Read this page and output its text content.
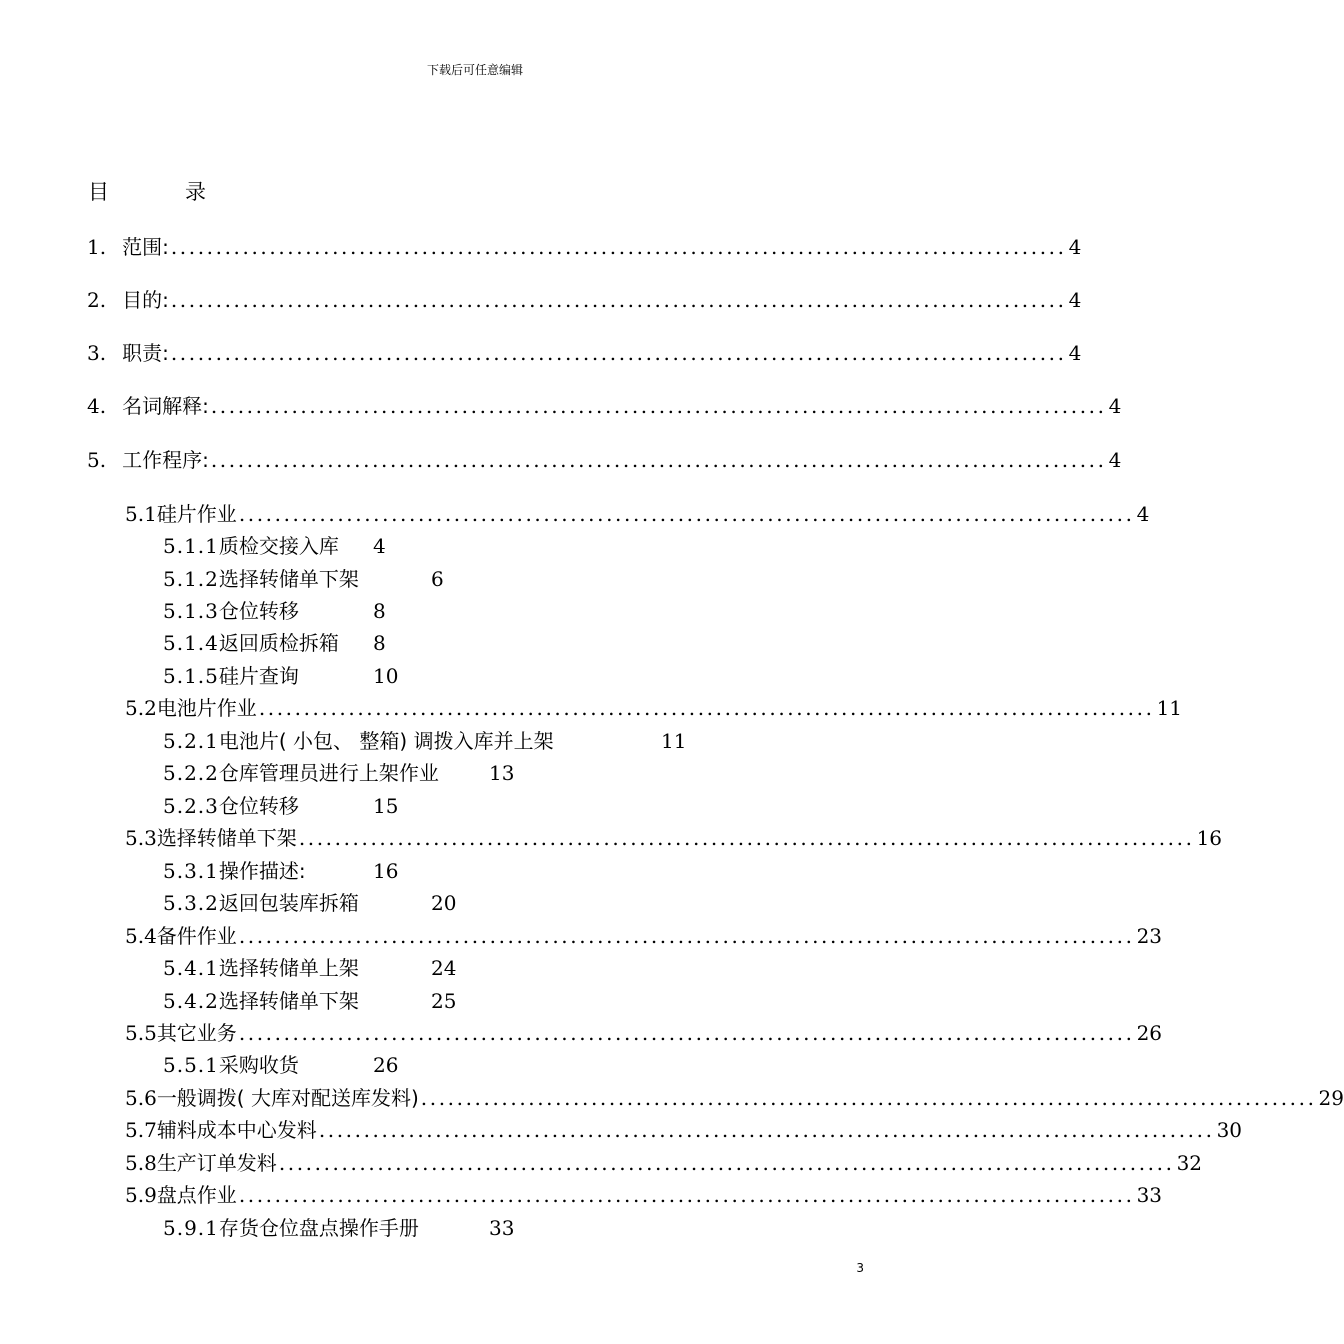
下载后可任意编辑
目	录
1. 范围: .................................................................................................... 4
2. 目的: .................................................................................................... 4
3. 职责: .................................................................................................... 4
4. 名词解释: .................................................................................................... 4
5. 工作程序: .................................................................................................... 4
5.1 硅片作业 .................................................................................................... 4
5.1.1质检交接入库 4
5.1.2选择转储单下架	6
5.1.3仓位转移	8
5.1.4返回质检拆箱 8
5.1.5硅片查询	10
5.2 电池片作业 .................................................................................................... 11
5.2.1电池片( 小包、 整箱) 调拨入库并上架	11
5.2.2仓库管理员进行上架作业	13
5.2.3仓位转移	15
5.3 选择转储单下架 .................................................................................................... 16
5.3.1操作描述:	16
5.3.2返回包装库拆箱	20
5.4 备件作业 .................................................................................................... 23
5.4.1选择转储单上架	24
5.4.2选择转储单下架	25
5.5 其它业务 .................................................................................................... 26
5.5.1采购收货	26
5.6 一般调拨( 大库对配送库发料) .................................................................................................... 29
5.7 辅料成本中心发料 .................................................................................................... 30
5.8 生产订单发料 .................................................................................................... 32
5.9 盘点作业 .................................................................................................... 33
5.9.1存货仓位盘点操作手册	33
3
